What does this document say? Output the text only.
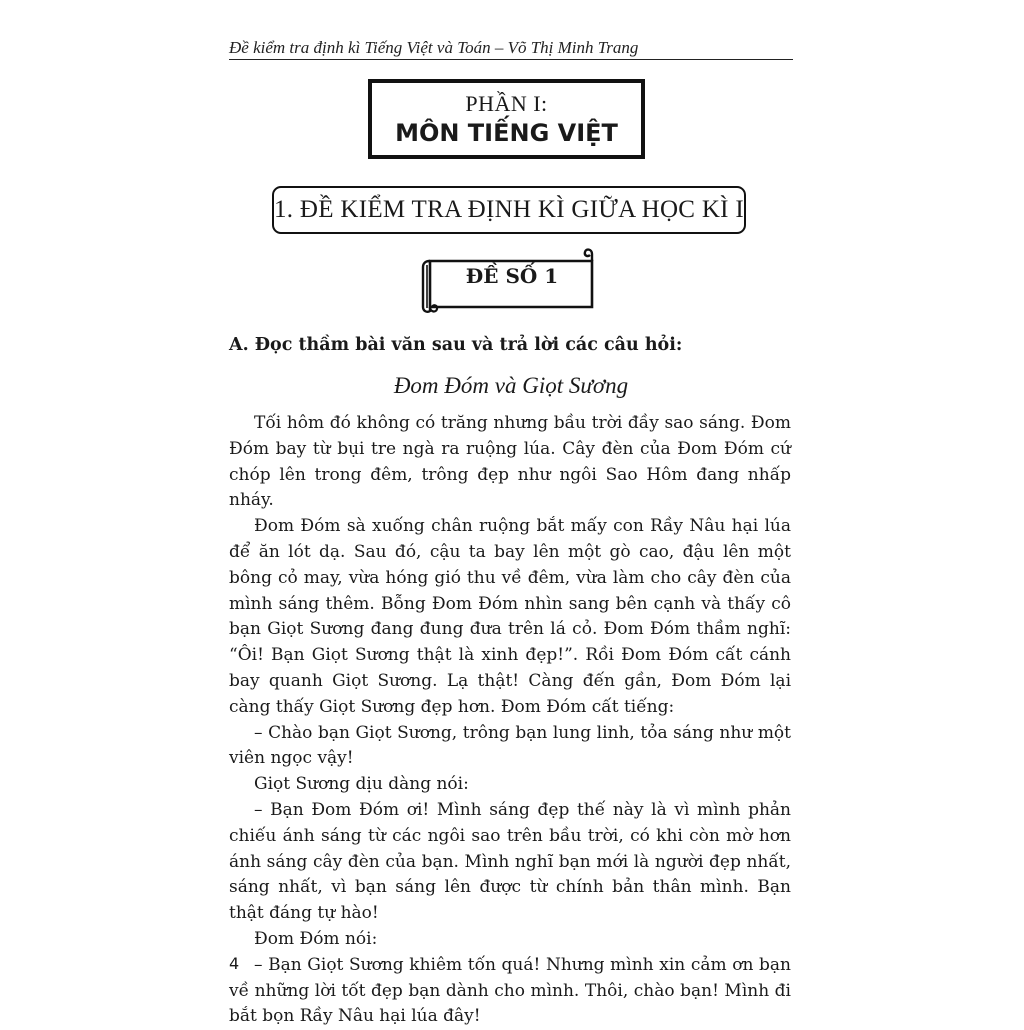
Đề kiểm tra định kì Tiếng Việt và Toán – Võ Thị Minh Trang
PHẦN I:
MÔN TIẾNG VIỆT
1. ĐỀ KIỂM TRA ĐỊNH KÌ GIỮA HỌC KÌ I
ĐỀ SỐ 1
A. Đọc thầm bài văn sau và trả lời các câu hỏi:
Đom Đóm và Giọt Sương

Tối hôm đó không có trăng nhưng bầu trời đầy sao sáng. Đom Đóm bay từ bụi tre ngà ra ruộng lúa. Cây đèn của Đom Đóm cứ chóp lên trong đêm, trông đẹp như ngôi Sao Hôm đang nhấp nháy.

Đom Đóm sà xuống chân ruộng bắt mấy con Rầy Nâu hại lúa để ăn lót dạ. Sau đó, cậu ta bay lên một gò cao, đậu lên một bông cỏ may, vừa hóng gió thu về đêm, vừa làm cho cây đèn của mình sáng thêm. Bỗng Đom Đóm nhìn sang bên cạnh và thấy cô bạn Giọt Sương đang đung đưa trên lá cỏ. Đom Đóm thầm nghĩ: “Ôi! Bạn Giọt Sương thật là xinh đẹp!”. Rồi Đom Đóm cất cánh bay quanh Giọt Sương. Lạ thật! Càng đến gần, Đom Đóm lại càng thấy Giọt Sương đẹp hơn. Đom Đóm cất tiếng:

– Chào bạn Giọt Sương, trông bạn lung linh, tỏa sáng như một viên ngọc vậy!

Giọt Sương dịu dàng nói:

– Bạn Đom Đóm ơi! Mình sáng đẹp thế này là vì mình phản chiếu ánh sáng từ các ngôi sao trên bầu trời, có khi còn mờ hơn ánh sáng cây đèn của bạn. Mình nghĩ bạn mới là người đẹp nhất, sáng nhất, vì bạn sáng lên được từ chính bản thân mình. Bạn thật đáng tự hào!

Đom Đóm nói:

– Bạn Giọt Sương khiêm tốn quá! Nhưng mình xin cảm ơn bạn về những lời tốt đẹp bạn dành cho mình. Thôi, chào bạn! Mình đi bắt bọn Rầy Nâu hại lúa đây!

4
